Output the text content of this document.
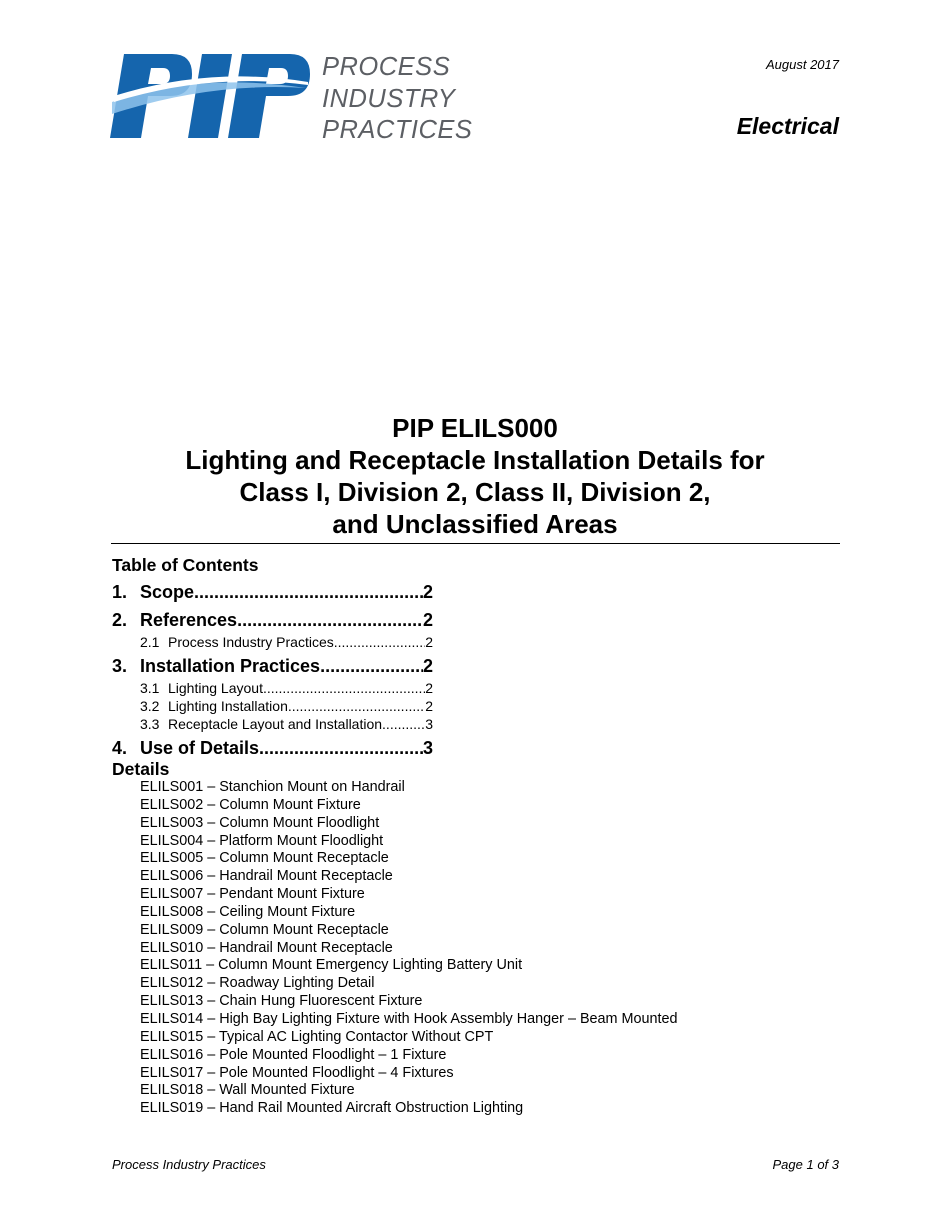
PROCESS
INDUSTRY
PRACTICES
August 2017
Electrical
PIP ELILS000
Lighting and Receptacle Installation Details for
Class I, Division 2, Class II, Division 2,
and Unclassified Areas
Table of Contents
1. Scope .....	2
2. References .....	2
2.1 Process Industry Practices .....	2
3. Installation Practices .....	2
3.1 Lighting Layout .....	2
3.2 Lighting Installation .....	2
3.3 Receptacle Layout and Installation .....	3
4. Use of Details .....	3
Details
ELILS001 – Stanchion Mount on Handrail
ELILS002 – Column Mount Fixture
ELILS003 – Column Mount Floodlight
ELILS004 – Platform Mount Floodlight
ELILS005 – Column Mount Receptacle
ELILS006 – Handrail Mount Receptacle
ELILS007 – Pendant Mount Fixture
ELILS008 – Ceiling Mount Fixture
ELILS009 – Column Mount Receptacle
ELILS010 – Handrail Mount Receptacle
ELILS011 – Column Mount Emergency Lighting Battery Unit
ELILS012 – Roadway Lighting Detail
ELILS013 – Chain Hung Fluorescent Fixture
ELILS014 – High Bay Lighting Fixture with Hook Assembly Hanger – Beam Mounted
ELILS015 – Typical AC Lighting Contactor Without CPT
ELILS016 – Pole Mounted Floodlight – 1 Fixture
ELILS017 – Pole Mounted Floodlight – 4 Fixtures
ELILS018 – Wall Mounted Fixture
ELILS019 – Hand Rail Mounted Aircraft Obstruction Lighting
Process Industry Practices	Page 1 of 3
